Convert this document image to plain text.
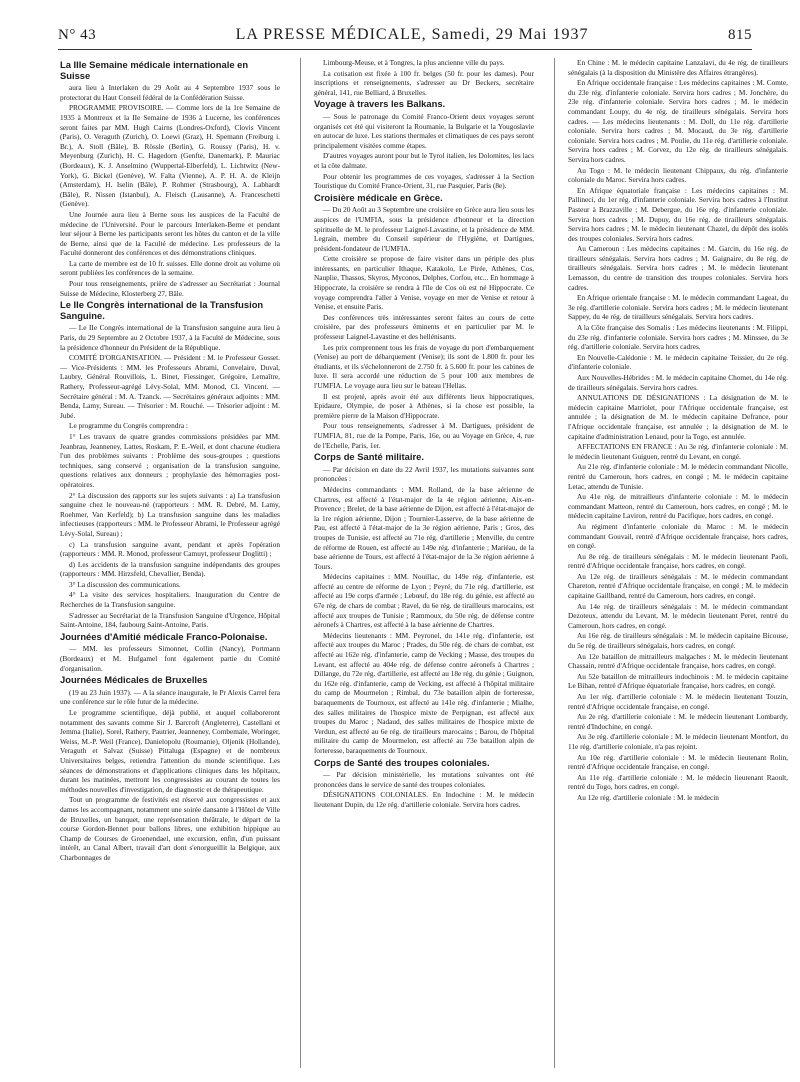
N° 43	LA PRESSE MÉDICALE, Samedi, 29 Mai 1937	815
La IIIe Semaine médicale internationale en Suisse

aura lieu à Interlaken du 29 Août au 4 Septembre 1937 sous le protectorat du Haut Conseil fédéral de la Confédération Suisse.

PROGRAMME PROVISOIRE. — Comme lors de la 1re Semaine de 1935 à Montreux et la IIe Semaine de 1936 à Lucerne, les conférences seront faites par MM. Hugh Cairns (Londres-Oxford), Clovis Vincent (Paris), O. Veraguth (Zurich), O. Loewi (Graz), H. Spemann (Freiburg i. Br.), A. Stoll (Bâle), B. Rössle (Berlin), G. Roussy (Paris), H. v. Meyenburg (Zurich), H. C. Hagedorn (Genfte, Danemark), P. Mauriac (Bordeaux), K. J. Anselmino (Wuppertal-Elberfeld), L. Lichtwitz (New-York), G. Bickel (Genève), W. Falta (Vienne), A. P. H. A. de Kleijn (Amsterdam), H. Iselin (Bâle), P. Rohmer (Strasbourg), A. Labhardt (Bâle), R. Nissen (Istanbul), A. Fleisch (Lausanne), A. Franceschetti (Genève).

Une Journée aura lieu à Berne sous les auspices de la Faculté de médecine de l'Université. Pour le parcours Interlaken-Berne et pendant leur séjour à Berne les participants seront les hôtes du canton et de la ville de Berne, ainsi que de la Faculté de médecine. Les professeurs de la Faculté donneront des conférences et des démonstrations cliniques.

La carte de membre est de 10 fr. suisses. Elle donne droit au volume où seront publiées les conférences de la semaine.

Pour tous renseignements, prière de s'adresser au Secrétariat : Journal Suisse de Médecine, Klosterberg 27, Bâle.

Le IIe Congrès international de la Transfusion Sanguine.

— Le IIe Congrès international de la Transfusion sanguine aura lieu à Paris, du 29 Septembre au 2 Octobre 1937, à la Faculté de Médecine, sous la présidence d'honneur du Président de la République.

COMITÉ D'ORGANISATION. — Président : M. le Professeur Gosset. — Vice-Présidents : MM. les Professeurs Abrami, Convelaire, Duval, Laubry, Général Rouvillois, L. Binet, Fiessinger, Grégoire, Lemaître, Rathery, Professeur-agrégé Lévy-Solal, MM. Monod, Cl. Vincent. — Secrétaire général : M. A. Tzanck. — Secrétaires généraux adjoints : MM. Benda, Lamy, Sureau. — Trésorier : M. Rouché. — Trésorier adjoint : M. Jubé.

Le programme du Congrès comprendra :

1° Les travaux de quatre grandes commissions présidées par MM. Jeanbrau, Jeanneney, Lattes, Roskam, P. E.-Weil, et dont chacune étudiera l'un des problèmes suivants : Problème des sous-groupes ; questions techniques, sang conservé ; organisation de la transfusion sanguine, questions relatives aux donneurs ; prophylaxie des hémorragies post-opératoires.

2° La discussion des rapports sur les sujets suivants : a) La transfusion sanguine chez le nouveau-né (rapporteurs : MM. R. Debré, M. Lamy, Roehmer, Van Kerfeld); b) La transfusion sanguine dans les maladies infectieuses (rapporteurs : MM. le Professeur Abrami, le Professeur agrégé Lévy-Solal, Sureau) ;

c) La transfusion sanguine avant, pendant et après l'opération (rapporteurs : MM. R. Monod, professeur Camuyt, professeur Doglitti) ;

d) Les accidents de la transfusion sanguine indépendants des groupes (rapporteurs : MM. Hirzsfeld, Chevallier, Benda).

3° La discussion des communications.

4° La visite des services hospitaliers. Inauguration du Centre de Recherches de la Transfusion sanguine.

S'adresser au Secrétariat de la Transfusion Sanguine d'Urgence, Hôpital Saint-Antoine, 184, faubourg Saint-Antoine, Paris.

Journées d'Amitié médicale Franco-Polonaise.

— MM. les professeurs Simonnet, Collin (Nancy), Portmann (Bordeaux) et M. Hufgamel font également partie du Comité d'organisation.

Journées Médicales de Bruxelles

(19 au 23 Juin 1937). — A la séance inaugurale, le Pr Alexis Carrel fera une conférence sur le rôle futur de la médecine.

Le programme scientifique, déjà publié, et auquel collaboreront notamment des savants comme Sir J. Barcroft (Angleterre), Castellani et Jemma (Italie), Sorel, Rathery, Pautrier, Jeanneney, Combemale, Woringer, Weiss, M.-P. Weil (France), Danielopolu (Roumanie), Oljenik (Hollande), Veraguth et Salvaz (Suisse) Pittaluga (Espagne) et de nombreux Universitaires belges, retiendra l'attention du monde scientifique. Les séances de démonstrations et d'applications cliniques dans les hôpitaux, durant les matinées, mettront les congressistes au courant de toutes les méthodes nouvelles d'investigation, de diagnostic et de thérapeutique.

Tout un programme de festivités est réservé aux congressistes et aux dames les accompagnant, notamment une soirée dansante à l'Hôtel de Ville de Bruxelles, un banquet, une représentation théâtrale, le départ de la course Gordon-Bennet pour ballons libres, une exhibition hippique au Champ de Courses de Groenendael, une excursion, enfin, d'un puissant intérêt, au Canal Albert, travail d'art dont s'enorgueillit la Belgique, aux Charbonnages de

Limbourg-Meuse, et à Tongres, la plus ancienne ville du pays.

La cotisation est fixée à 100 fr. belges (50 fr. pour les dames). Pour inscriptions et renseignements, s'adresser au Dr Beckers, secrétaire général, 141, rue Belliard, à Bruxelles.

Voyage à travers les Balkans.

— Sous le patronage du Comité Franco-Orient deux voyages seront organisés cet été qui visiteront la Roumanie, la Bulgarie et la Yougoslavie en autocar de luxe. Les stations thermales et climatiques de ces pays seront principalement visitées comme étapes.

D'autres voyages auront pour but le Tyrol italien, les Dolomites, les lacs et la côte dalmate.

Pour obtenir les programmes de ces voyages, s'adresser à la Section Touristique du Comité France-Orient, 31, rue Pasquier, Paris (8e).

Croisière médicale en Grèce.

— Du 20 Août au 3 Septembre une croisière en Grèce aura lieu sous les auspices de l'UMFIA, sous la présidence d'honneur et la direction spirituelle de M. le professeur Laignel-Lavastine, et la présidence de MM. Legrain, membre du Conseil supérieur de l'Hygiène, et Dartigues, président-fondateur de l'UMFIA.

Cette croisière se propose de faire visiter dans un périple des plus intéressants, en particulier Ithaque, Katakolo, Le Pirée, Athènes, Cos, Nauplie, Thassos, Skyros, Myconos, Delphes, Corfou, etc... En hommage à Hippocrate, la croisière se rendra à l'île de Cos où est né Hippocrate. Ce voyage comprendra l'aller à Venise, voyage en mer de Venise et retour à Venise, et ensuite Paris.

Des conférences très intéressantes seront faites au cours de cette croisière, par des professeurs éminents et en particulier par M. le professeur Laignel-Lavastine et des hellénisants.

Les prix comprennent tous les frais de voyage du port d'embarquement (Venise) au port de débarquement (Venise); ils sont de 1.800 fr. pour les étudiants, et ils s'échelonneront de 2.750 fr. à 5.600 fr. pour les cabines de luxe. Il sera accordé une réduction de 5 pour 100 aux membres de l'UMFIA. Le voyage aura lieu sur le bateau l'Hellas.

Il est projeté, après avoir été aux différents lieux hippocratiques, Epidaure, Olympie, de poser à Athènes, si la chose est possible, la première pierre de la Maison d'Hippocrate.

Pour tous renseignements, s'adresser à M. Dartigues, président de l'UMFIA, 81, rue de la Pompe, Paris, 16e, ou au Voyage en Grèce, 4, rue de l'Echelle, Paris, 1er.

Corps de Santé militaire.

— Par décision en date du 22 Avril 1937, les mutations suivantes sont prononcées :

Médecins commandants : MM. Rolland, de la base aérienne de Chartres, est affecté à l'état-major de la 4e région aérienne, Aix-en-Provence ; Brelet, de la base aérienne de Dijon, est affecté à l'état-major de la 1re région aérienne, Dijon ; Tournier-Lasserve, de la base aérienne de Pau, est affecté à l'état-major de la 3e région aérienne, Paris ; Gros, des troupes de Tunisie, est affecté au 71e rég. d'artillerie ; Menville, du centre de réforme de Rouen, est affecté au 149e rég. d'infanterie ; Mariéau, de la base aérienne de Tours, est affecté à l'état-major de la 3e région aérienne à Tours.

Médecins capitaines : MM. Nouillac, du 149e rég. d'infanterie, est affecté au centre de réforme de Lyon ; Peyré, du 71e rég. d'artillerie, est affecté au 19e corps d'armée ; Lebœuf, du 18e rég. du génie, est affecté au 67e rég. de chars de combat ; Ravel, du 6e rég. de tirailleurs marocains, est affecté aux troupes de Tunisie ; Rammoux, du 50e rég. de défense contre aéronefs à Chartres, est affecté à la base aérienne de Chartres.

Médecins lieutenants : MM. Peyronel, du 141e rég. d'infanterie, est affecté aux troupes du Maroc ; Prades, du 50e rég. de chars de combat, est affecté au 162e rég. d'infanterie, camp de Vecking ; Masse, des troupes du Levant, est affecté au 404e rég. de défense contre aéronefs à Chartres ; Dillange, du 72e rég. d'artillerie, est affecté au 18e rég. du génie ; Guignon, du 162e rég. d'infanterie, camp de Vecking, est affecté à l'hôpital militaire du camp de Mourmelon ; Rimbal, du 73e bataillon alpin de forteresse, baraquements de Tournoux, est affecté au 141e rég. d'infanterie ; Mialhe, des salles militaires de l'hospice mixte de Perpignan, est affecté aux troupes du Maroc ; Nadaud, des salles militaires de l'hospice mixte de Verdun, est affecté au 6e rég. de tirailleurs marocains ; Barou, de l'hôpital militaire du camp de Mourmelon, est affecté au 73e bataillon alpin de forteresse, baraquements de Tournoux.

Corps de Santé des troupes coloniales.

— Par décision ministérielle, les mutations suivantes ont été prononcées dans le service de santé des troupes coloniales.

DÉSIGNATIONS COLONIALES. En Indochine : M. le médecin lieutenant Dupin, du 12e rég. d'artillerie coloniale. Servira hors cadres.

En Chine : M. le médecin capitaine Lanzalavi, du 4e rég. de tirailleurs sénégalais (à la disposition du Ministère des Affaires étrangères).

En Afrique occidentale française : Les médecins capitaines : M. Comte, du 23e rég. d'infanterie coloniale. Servira hors cadres ; M. Jonchère, du 23e rég. d'infanterie coloniale. Servira hors cadres ; M. le médecin commandant Loupy, du 4e rég. de tirailleurs sénégalais. Servira hors cadres. — Les médecins lieutenants : M. Doll, du 11e rég. d'artillerie coloniale. Servira hors cadres ; M. Mocaud, du 3e rég. d'artillerie coloniale. Servira hors cadres ; M. Poulie, du 11e rég. d'artillerie coloniale. Servira hors cadres ; M. Corvez, du 12e rég. de tirailleurs sénégalais. Servira hors cadres.

Au Togo : M. le médecin lieutenant Chippaux, du rég. d'infanterie coloniale du Maroc. Servira hors cadres.

En Afrique équatoriale française : Les médecins capitaines : M. Pallineci, du 1er rég. d'infanterie coloniale. Servira hors cadres à l'Institut Pasteur à Brazzaville ; M. Debergue, du 16e rég. d'infanterie coloniale. Servira hors cadres ; M. Dupuy, du 16e rég. de tirailleurs sénégalais. Servira hors cadres ; M. le médecin lieutenant Chazel, du dépôt des isolés des troupes coloniales. Servira hors cadres.

Au Cameroun : Les médecins capitaines : M. Garcin, du 16e rég. de tirailleurs sénégalais. Servira hors cadres ; M. Gaignaire, du 8e rég. de tirailleurs sénégalais. Servira hors cadres ; M. le médecin lieutenant Lemasson, du centre de transition des troupes coloniales. Servira hors cadres.

En Afrique orientale française : M. le médecin commandant Lageat, du 3e rég. d'artillerie coloniale. Servira hors cadres ; M. le médecin lieutenant Sappey, du 4e rég. de tirailleurs sénégalais. Servira hors cadres.

A la Côte française des Somalis : Les médecins lieutenants : M. Filippi, du 23e rég. d'infanterie coloniale. Servira hors cadres ; M. Minssee, du 3e rég. d'artillerie coloniale. Servira hors cadres.

En Nouvelle-Calédonie : M. le médecin capitaine Teissier, du 2e rég. d'infanterie coloniale.

Aux Nouvelles-Hébrides : M. le médecin capitaine Chomet, du 14e rég. de tirailleurs sénégalais. Servira hors cadres.

ANNULATIONS DE DÉSIGNATIONS : La désignation de M. le médecin capitaine Matriolet, pour l'Afrique occidentale française, est annulée ; la désignation de M. le médecin capitaine Defrance, pour l'Afrique occidentale française, est annulée ; la désignation de M. le capitaine d'administration Lenaud, pour la Togo, est annulée.

AFFECTATIONS EN FRANCE : Au 3e rég. d'infanterie coloniale : M. le médecin lieutenant Guiguen, rentré du Levant, en congé.

Au 21e rég. d'infanterie coloniale : M. le médecin commandant Nicolle, rentré du Cameroun, hors cadres, en congé ; M. le médecin capitaine Letac, attendu de Tunisie.

Au 41e rég. de mitrailleurs d'infanterie coloniale : M. le médecin commandant Matteon, rentré du Cameroun, hors cadres, en congé ; M. le médecin capitaine Laviron, rentré du Pacifique, hors cadres, en congé.

Au régiment d'infanterie coloniale du Maroc : M. le médecin commandant Gouvail, rentré d'Afrique occidentale française, hors cadres, en congé.

Au 8e rég. de tirailleurs sénégalais : M. le médecin lieutenant Paoli, rentré d'Afrique occidentale française, hors cadres, en congé.

Au 12e rég. de tirailleurs sénégalais : M. le médecin commandant Chareton, rentré d'Afrique occidentale française, en congé ; M. le médecin capitaine Gaillband, rentré du Cameroun, hors cadres, en congé.

Au 14e rég. de tirailleurs sénégalais : M. le médecin commandant Dezoteux, attendu du Levant, M. le médecin lieutenant Peret, rentré du Cameroun, hors cadres, en congé.

Au 16e rég. de tirailleurs sénégalais : M. le médecin capitaine Bicouse, du 5e rég. de tirailleurs sénégalais, hors cadres, en congé.

Au 12e bataillon de mitrailleurs malgaches : M. le médecin lieutenant Chassain, rentré d'Afrique occidentale française, hors cadres, en congé.

Au 52e bataillon de mitrailleurs indochinois : M. le médecin capitaine Le Bihan, rentré d'Afrique équatoriale française, hors cadres, en congé.

Au 1er rég. d'artillerie coloniale : M. le médecin lieutenant Touzin, rentré d'Afrique occidentale française, en congé.

Au 2e rég. d'artillerie coloniale : M. le médecin lieutenant Lombardy, rentré d'Indochine, en congé.

Au 3e rég. d'artillerie coloniale : M. le médecin lieutenant Montfort, du 11e rég. d'artillerie coloniale, n'a pas rejoint.

Au 10e rég. d'artillerie coloniale : M. le médecin lieutenant Rolin, rentré d'Afrique occidentale française, en congé.

Au 11e rég. d'artillerie coloniale : M. le médecin lieutenant Raoult, rentré du Togo, hors cadres, en congé.

Au 12e rég. d'artillerie coloniale : M. le médecin
